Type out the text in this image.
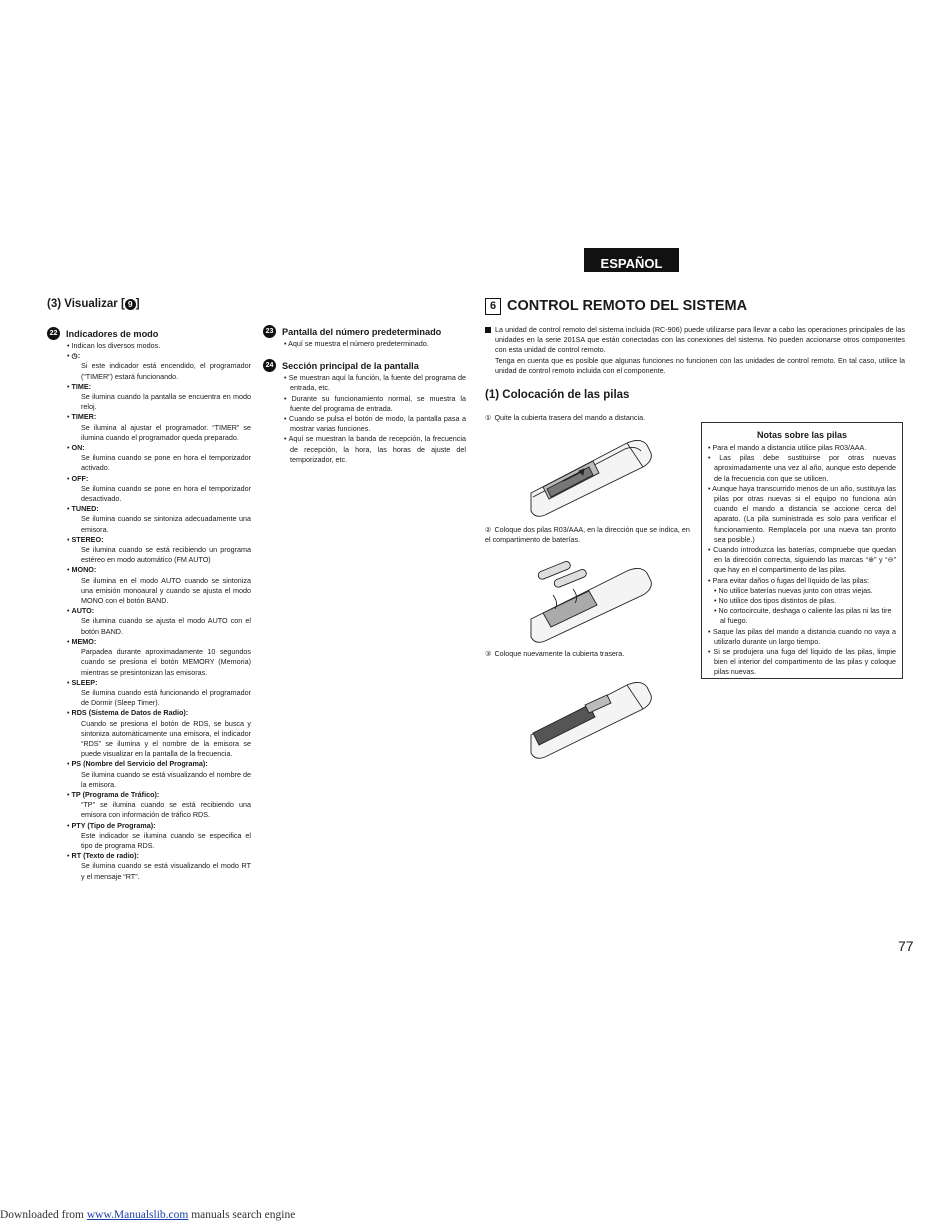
ESPAÑOL
(3) Visualizar [ 9 ]
22 Indicadores de modo
• Indican los diversos modos.
• ◷:
Si este indicador está encendido, el programador (“TIMER”) estará funcionando.
• TIME:
Se ilumina cuando la pantalla se encuentra en modo reloj.
• TIMER:
Se ilumina al ajustar el programador. “TIMER” se ilumina cuando el programador queda preparado.
• ON:
Se ilumina cuando se pone en hora el temporizador activado.
• OFF:
Se ilumina cuando se pone en hora el temporizador desactivado.
• TUNED:
Se ilumina cuando se sintoniza adecuadamente una emisora.
• STEREO:
Se ilumina cuando se está recibiendo un programa estéreo en modo automático (FM AUTO)
• MONO:
Se ilumina en el modo AUTO cuando se sintoniza una emisión monoaural y cuando se ajusta el modo MONO con el botón BAND.
• AUTO:
Se ilumina cuando se ajusta el modo AUTO con el botón BAND.
• MEMO:
Parpadea durante aproximadamente 10 segundos cuando se presiona el botón MEMORY (Memoria) mientras se presintonizan las emisoras.
• SLEEP:
Se ilumina cuando está funcionando el programador de Dormir (Sleep Timer).
• RDS (Sistema de Datos de Radio):
Cuando se presiona el botón de RDS, se busca y sintoniza automáticamente una emisora, el indicador “RDS” se ilumina y el nombre de la emisora se puede visualizar en la pantalla de la frecuencia.
• PS (Nombre del Servicio del Programa):
Se ilumina cuando se está visualizando el nombre de la emisora.
• TP (Programa de Tráfico):
“TP” se ilumina cuando se está recibiendo una emisora con información de tráfico RDS.
• PTY (Tipo de Programa):
Este indicador se ilumina cuando se especifica el tipo de programa RDS.
• RT (Texto de radio):
Se ilumina cuando se está visualizando el modo RT y el mensaje “RT”.
23 Pantalla del número predeterminado
• Aquí se muestra el número predeterminado.
24 Sección principal de la pantalla
• Se muestran aquí la función, la fuente del programa de entrada, etc.
• Durante su funcionamiento normal, se muestra la fuente del programa de entrada.
• Cuando se pulsa el botón de modo, la pantalla pasa a mostrar varias funciones.
• Aquí se muestran la banda de recepción, la frecuencia de recepción, la hora, las horas de ajuste del temporizador, etc.
6 CONTROL REMOTO DEL SISTEMA

La unidad de control remoto del sistema incluida (RC-906) puede utilizarse para llevar a cabo las operaciones principales de las unidades en la serie 201SA que están conectadas con las conexiones del sistema. No pueden accionarse otros componentes con esta unidad de control remoto.

Tenga en cuenta que es posible que algunas funciones no funcionen con las unidades de control remoto. En tal caso, utilice la unidad de control remoto incluida con el componente.

(1) Colocación de las pilas
① Quite la cubierta trasera del mando a distancia.
② Coloque dos pilas R03/AAA, en la dirección que se indica, en el compartimento de baterías.
③ Coloque nuevamente la cubierta trasera.
Notas sobre las pilas
• Para el mando a distancia utilice pilas R03/AAA.
• Las pilas debe sustituirse por otras nuevas aproximadamente una vez al año, aunque esto depende de la frecuencia con que se utilicen.
• Aunque haya transcurrido menos de un año, sustituya las pilas por otras nuevas si el equipo no funciona aún cuando el mando a distancia se accione cerca del aparato. (La pila suministrada es solo para verificar el funcionamiento. Remplacela por una nueva tan pronto sea posible.)
• Cuando introduzca las baterías, compruebe que quedan en la dirección correcta, siguiendo las marcas “⊕” y “⊖” que hay en el compartimento de las pilas.
• Para evitar daños o fugas del líquido de las pilas:
• No utilice baterías nuevas junto con otras viejas.
• No utilice dos tipos distintos de pilas.
• No cortocircuite, deshaga o caliente las pilas ni las tire al fuego.
• Saque las pilas del mando a distancia cuando no vaya a utilizarlo durante un largo tiempo.
• Si se produjera una fuga del líquido de las pilas, limpie bien el interior del compartimento de las pilas y coloque pilas nuevas.
77
Downloaded from www.Manualslib.com manuals search engine
